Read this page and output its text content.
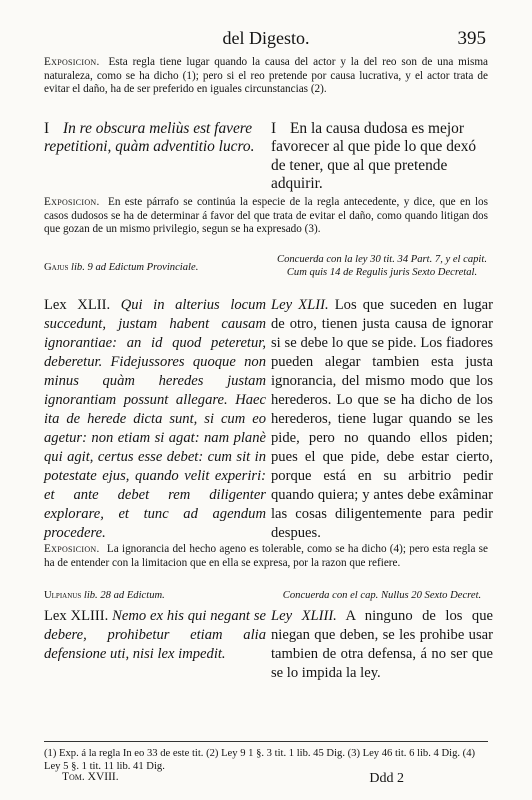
del Digesto.	395
Exposicion. Esta regla tiene lugar quando la causa del actor y la del reo son de una misma naturaleza, como se ha dicho (1); pero si el reo pretende por causa lucrativa, y el actor trata de evitar el daño, ha de ser preferido en iguales circunstancias (2).
I In re obscura meliùs est favere repetitioni, quàm adventitio lucro.
I En la causa dudosa es mejor favorecer al que pide lo que dexó de tener, que al que pretende adquirir.
Exposicion. En este párrafo se continúa la especie de la regla antecedente, y dice, que en los casos dudosos se ha de determinar á favor del que trata de evitar el daño, como quando litigan dos que gozan de un mismo privilegio, segun se ha expresado (3).
Gajus lib. 9 ad Edictum Provinciale.
Concuerda con la ley 30 tit. 34 Part. 7, y el capit. Cum quis 14 de Regulis juris Sexto Decretal.
Lex XLII. Qui in alterius locum succedunt, justam habent causam ignorantiae: an id quod peteretur, deberetur. Fidejussores quoque non minus quàm heredes justam ignorantiam possunt allegare. Haec ita de herede dicta sunt, si cum eo agetur: non etiam si agat: nam planè qui agit, certus esse debet: cum sit in potestate ejus, quando velit experiri: et ante debet rem diligenter explorare, et tunc ad agendum procedere.
Ley XLII. Los que suceden en lugar de otro, tienen justa causa de ignorar si se debe lo que se pide. Los fiadores pueden alegar tambien esta justa ignorancia, del mismo modo que los herederos. Lo que se ha dicho de los herederos, tiene lugar quando se les pide, pero no quando ellos piden; pues el que pide, debe estar cierto, porque está en su arbitrio pedir quando quiera; y antes debe exâminar las cosas diligentemente para pedir despues.
Exposicion. La ignorancia del hecho ageno es tolerable, como se ha dicho (4); pero esta regla se ha de entender con la limitacion que en ella se expresa, por la razon que refiere.
Ulpianus lib. 28 ad Edictum.	Concuerda con el cap. Nullus 20 Sexto Decret.
Lex XLIII. Nemo ex his qui negant se debere, prohibetur etiam alia defensione uti, nisi lex impedit.
Ley XLIII. A ninguno de los que niegan que deben, se les prohibe usar tambien de otra defensa, á no ser que se lo impida la ley.
(1) Exp. á la regla In eo 33 de este tit. (2) Ley 9 1 §. 3 tit. 1 lib. 45 Dig. (3) Ley 46 tit. 6 lib. 4 Dig. (4) Ley 5 §. 1 tit. 11 lib. 41 Dig.
Tom. XVIII.	Ddd 2
